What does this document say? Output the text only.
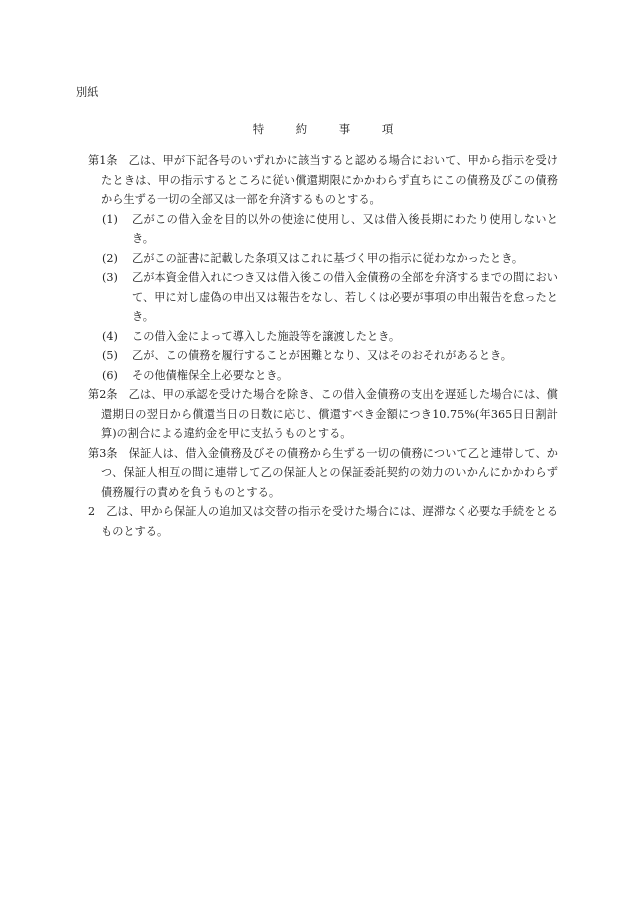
別紙
特 約 事 項

第1条 乙は、甲が下記各号のいずれかに該当すると認める場合において、甲から指示を受けたときは、甲の指示するところに従い償還期限にかかわらず直ちにこの債務及びこの債務から生ずる一切の全部又は一部を弁済するものとする。

(1)	乙がこの借入金を目的以外の使途に使用し、又は借入後長期にわたり使用しないとき。
(2)	乙がこの証書に記載した条項又はこれに基づく甲の指示に従わなかったとき。
(3)	乙が本資金借入れにつき又は借入後この借入金債務の全部を弁済するまでの間において、甲に対し虚偽の申出又は報告をなし、若しくは必要が事項の申出報告を怠ったとき。
(4)	この借入金によって導入した施設等を譲渡したとき。
(5)	乙が、この債務を履行することが困難となり、又はそのおそれがあるとき。
(6)	その他債権保全上必要なとき。

第2条 乙は、甲の承認を受けた場合を除き、この借入金債務の支出を遅延した場合には、償還期日の翌日から償還当日の日数に応じ、償還すべき金額につき10.75%(年365日日割計算)の割合による違約金を甲に支払うものとする。

第3条 保証人は、借入金債務及びその債務から生ずる一切の債務について乙と連帯して、かつ、保証人相互の間に連帯して乙の保証人との保証委託契約の効力のいかんにかかわらず債務履行の責めを負うものとする。

2 乙は、甲から保証人の追加又は交替の指示を受けた場合には、遅滞なく必要な手続をとるものとする。
